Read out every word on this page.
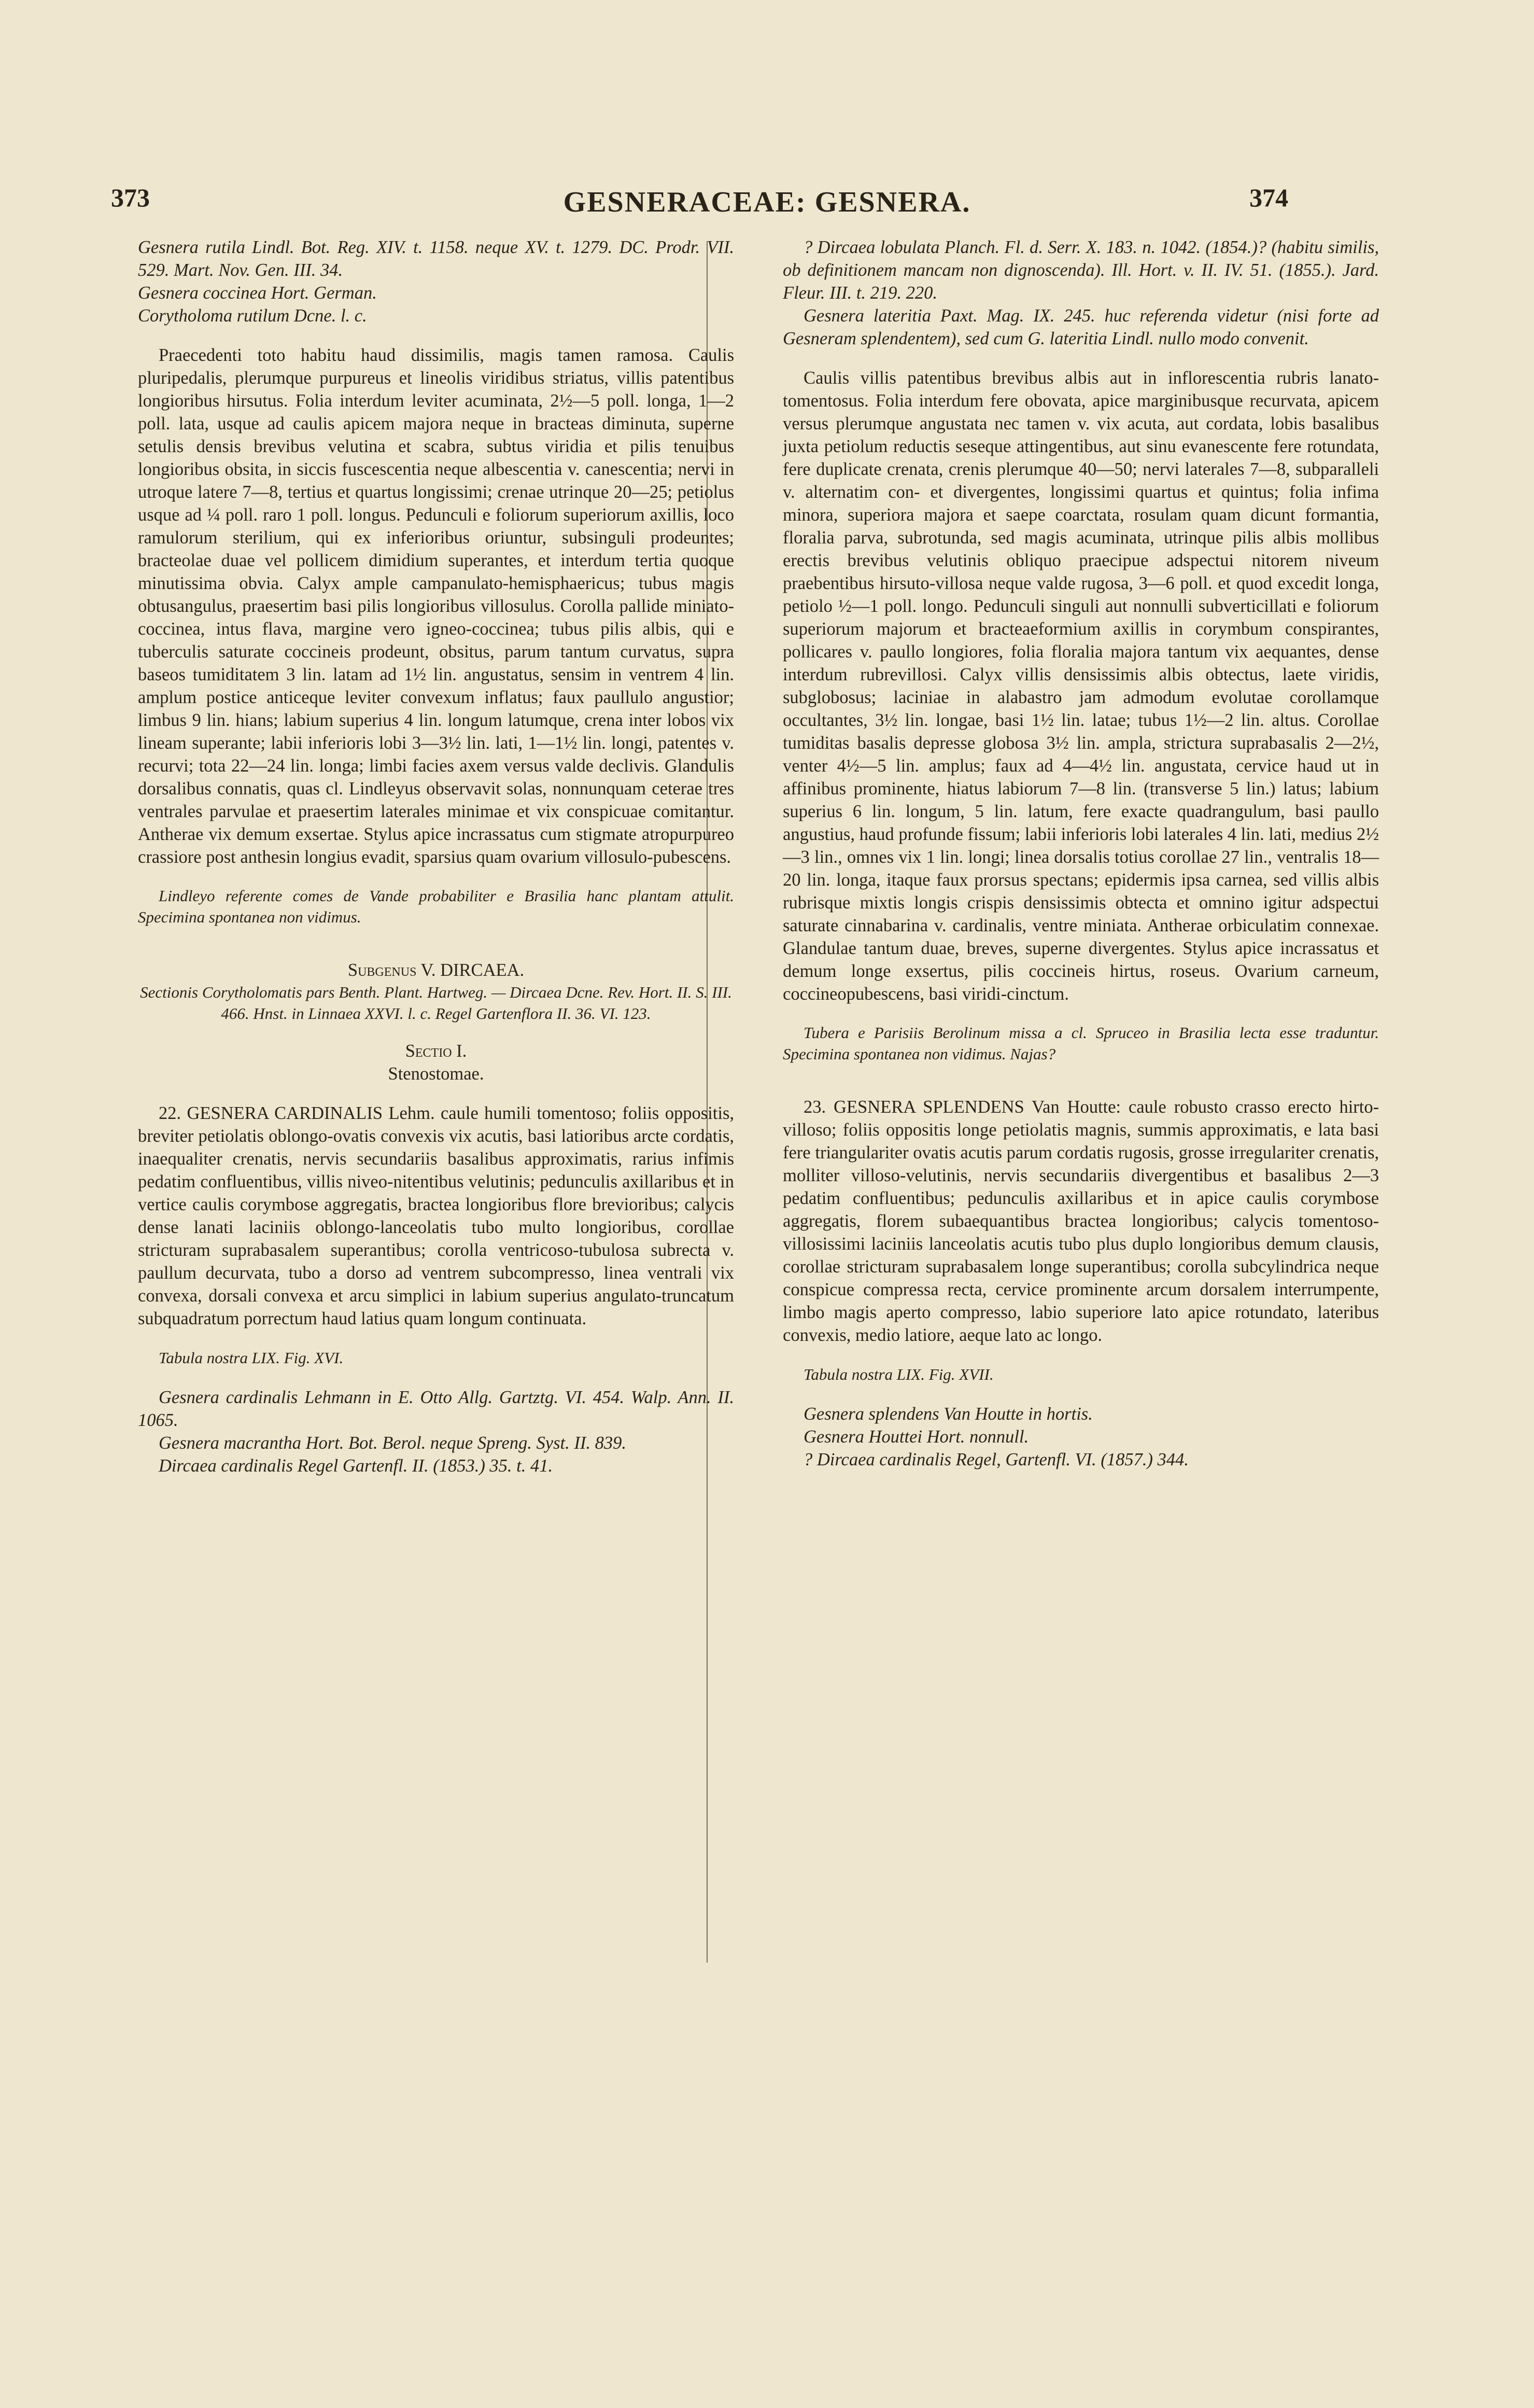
373	GESNERACEAE: GESNERA.	374

Gesnera rutila Lindl. Bot. Reg. XIV. t. 1158. neque XV. t. 1279. DC. Prodr. VII. 529. Mart. Nov. Gen. III. 34.

Gesnera coccinea Hort. German.

Corytholoma rutilum Dcne. l. c.

Praecedenti toto habitu haud dissimilis, magis tamen ramosa. Caulis pluripedalis, plerumque purpureus et lineolis viridibus striatus, villis patentibus longioribus hirsutus. Folia interdum leviter acuminata, 2½—5 poll. longa, 1—2 poll. lata, usque ad caulis apicem majora neque in bracteas diminuta, superne setulis densis brevibus velutina et scabra, subtus viridia et pilis tenuibus longioribus obsita, in siccis fuscescentia neque albescentia v. canescentia; nervi in utroque latere 7—8, tertius et quartus longissimi; crenae utrinque 20—25; petiolus usque ad ¼ poll. raro 1 poll. longus. Pedunculi e foliorum superiorum axillis, loco ramulorum sterilium, qui ex inferioribus oriuntur, subsinguli prodeuntes; bracteolae duae vel pollicem dimidium superantes, et interdum tertia quoque minutissima obvia. Calyx ample campanulato-hemisphaericus; tubus magis obtusangulus, praesertim basi pilis longioribus villosulus. Corolla pallide miniato-coccinea, intus flava, margine vero igneo-coccinea; tubus pilis albis, qui e tuberculis saturate coccineis prodeunt, obsitus, parum tantum curvatus, supra baseos tumiditatem 3 lin. latam ad 1½ lin. angustatus, sensim in ventrem 4 lin. amplum postice anticeque leviter convexum inflatus; faux paullulo angustior; limbus 9 lin. hians; labium superius 4 lin. longum latumque, crena inter lobos vix lineam superante; labii inferioris lobi 3—3½ lin. lati, 1—1½ lin. longi, patentes v. recurvi; tota 22—24 lin. longa; limbi facies axem versus valde declivis. Glandulis dorsalibus connatis, quas cl. Lindleyus observavit solas, nonnunquam ceterae tres ventrales parvulae et praesertim laterales minimae et vix conspicuae comitantur. Antherae vix demum exsertae. Stylus apice incrassatus cum stigmate atropurpureo crassiore post anthesin longius evadit, sparsius quam ovarium villosulo-pubescens.

Lindleyo referente comes de Vande probabiliter e Brasilia hanc plantam attulit. Specimina spontanea non vidimus.

Subgenus V. DIRCAEA.

Sectionis Corytholomatis pars Benth. Plant. Hartweg. — Dircaea Dcne. Rev. Hort. II. S. III. 466. Hnst. in Linnaea XXVI. l. c. Regel Gartenflora II. 36. VI. 123.

Sectio I.

Stenostomae.

22. GESNERA CARDINALIS Lehm. caule humili tomentoso; foliis oppositis, breviter petiolatis oblongo-ovatis convexis vix acutis, basi latioribus arcte cordatis, inaequaliter crenatis, nervis secundariis basalibus approximatis, rarius infimis pedatim confluentibus, villis niveo-nitentibus velutinis; pedunculis axillaribus et in vertice caulis corymbose aggregatis, bractea longioribus flore brevioribus; calycis dense lanati laciniis oblongo-lanceolatis tubo multo longioribus, corollae stricturam suprabasalem superantibus; corolla ventricoso-tubulosa subrecta v. paullum decurvata, tubo a dorso ad ventrem subcompresso, linea ventrali vix convexa, dorsali convexa et arcu simplici in labium superius angulato-truncatum subquadratum porrectum haud latius quam longum continuata.

Tabula nostra LIX. Fig. XVI.

Gesnera cardinalis Lehmann in E. Otto Allg. Gartztg. VI. 454. Walp. Ann. II. 1065.

Gesnera macrantha Hort. Bot. Berol. neque Spreng. Syst. II. 839.

Dircaea cardinalis Regel Gartenfl. II. (1853.) 35. t. 41.

? Dircaea lobulata Planch. Fl. d. Serr. X. 183. n. 1042. (1854.)? (habitu similis, ob definitionem mancam non dignoscenda). Ill. Hort. v. II. IV. 51. (1855.). Jard. Fleur. III. t. 219. 220.

Gesnera lateritia Paxt. Mag. IX. 245. huc referenda videtur (nisi forte ad Gesneram splendentem), sed cum G. lateritia Lindl. nullo modo convenit.

Caulis villis patentibus brevibus albis aut in inflorescentia rubris lanato-tomentosus. Folia interdum fere obovata, apice marginibusque recurvata, apicem versus plerumque angustata nec tamen v. vix acuta, aut cordata, lobis basalibus juxta petiolum reductis seseque attingentibus, aut sinu evanescente fere rotundata, fere duplicate crenata, crenis plerumque 40—50; nervi laterales 7—8, subparalleli v. alternatim con- et divergentes, longissimi quartus et quintus; folia infima minora, superiora majora et saepe coarctata, rosulam quam dicunt formantia, floralia parva, subrotunda, sed magis acuminata, utrinque pilis albis mollibus erectis brevibus velutinis obliquo praecipue adspectui nitorem niveum praebentibus hirsuto-villosa neque valde rugosa, 3—6 poll. et quod excedit longa, petiolo ½—1 poll. longo. Pedunculi singuli aut nonnulli subverticillati e foliorum superiorum majorum et bracteaeformium axillis in corymbum conspirantes, pollicares v. paullo longiores, folia floralia majora tantum vix aequantes, dense interdum rubrevillosi. Calyx villis densissimis albis obtectus, laete viridis, subglobosus; laciniae in alabastro jam admodum evolutae corollamque occultantes, 3½ lin. longae, basi 1½ lin. latae; tubus 1½—2 lin. altus. Corollae tumiditas basalis depresse globosa 3½ lin. ampla, strictura suprabasalis 2—2½, venter 4½—5 lin. amplus; faux ad 4—4½ lin. angustata, cervice haud ut in affinibus prominente, hiatus labiorum 7—8 lin. (transverse 5 lin.) latus; labium superius 6 lin. longum, 5 lin. latum, fere exacte quadrangulum, basi paullo angustius, haud profunde fissum; labii inferioris lobi laterales 4 lin. lati, medius 2½—3 lin., omnes vix 1 lin. longi; linea dorsalis totius corollae 27 lin., ventralis 18—20 lin. longa, itaque faux prorsus spectans; epidermis ipsa carnea, sed villis albis rubrisque mixtis longis crispis densissimis obtecta et omnino igitur adspectui saturate cinnabarina v. cardinalis, ventre miniata. Antherae orbiculatim connexae. Glandulae tantum duae, breves, superne divergentes. Stylus apice incrassatus et demum longe exsertus, pilis coccineis hirtus, roseus. Ovarium carneum, coccineopubescens, basi viridi-cinctum.

Tubera e Parisiis Berolinum missa a cl. Spruceo in Brasilia lecta esse traduntur. Specimina spontanea non vidimus. Najas?

23. GESNERA SPLENDENS Van Houtte: caule robusto crasso erecto hirto-villoso; foliis oppositis longe petiolatis magnis, summis approximatis, e lata basi fere triangulariter ovatis acutis parum cordatis rugosis, grosse irregulariter crenatis, molliter villoso-velutinis, nervis secundariis divergentibus et basalibus 2—3 pedatim confluentibus; pedunculis axillaribus et in apice caulis corymbose aggregatis, florem subaequantibus bractea longioribus; calycis tomentoso-villosissimi laciniis lanceolatis acutis tubo plus duplo longioribus demum clausis, corollae stricturam suprabasalem longe superantibus; corolla subcylindrica neque conspicue compressa recta, cervice prominente arcum dorsalem interrumpente, limbo magis aperto compresso, labio superiore lato apice rotundato, lateribus convexis, medio latiore, aeque lato ac longo.

Tabula nostra LIX. Fig. XVII.

Gesnera splendens Van Houtte in hortis.

Gesnera Houttei Hort. nonnull.

? Dircaea cardinalis Regel, Gartenfl. VI. (1857.) 344.
